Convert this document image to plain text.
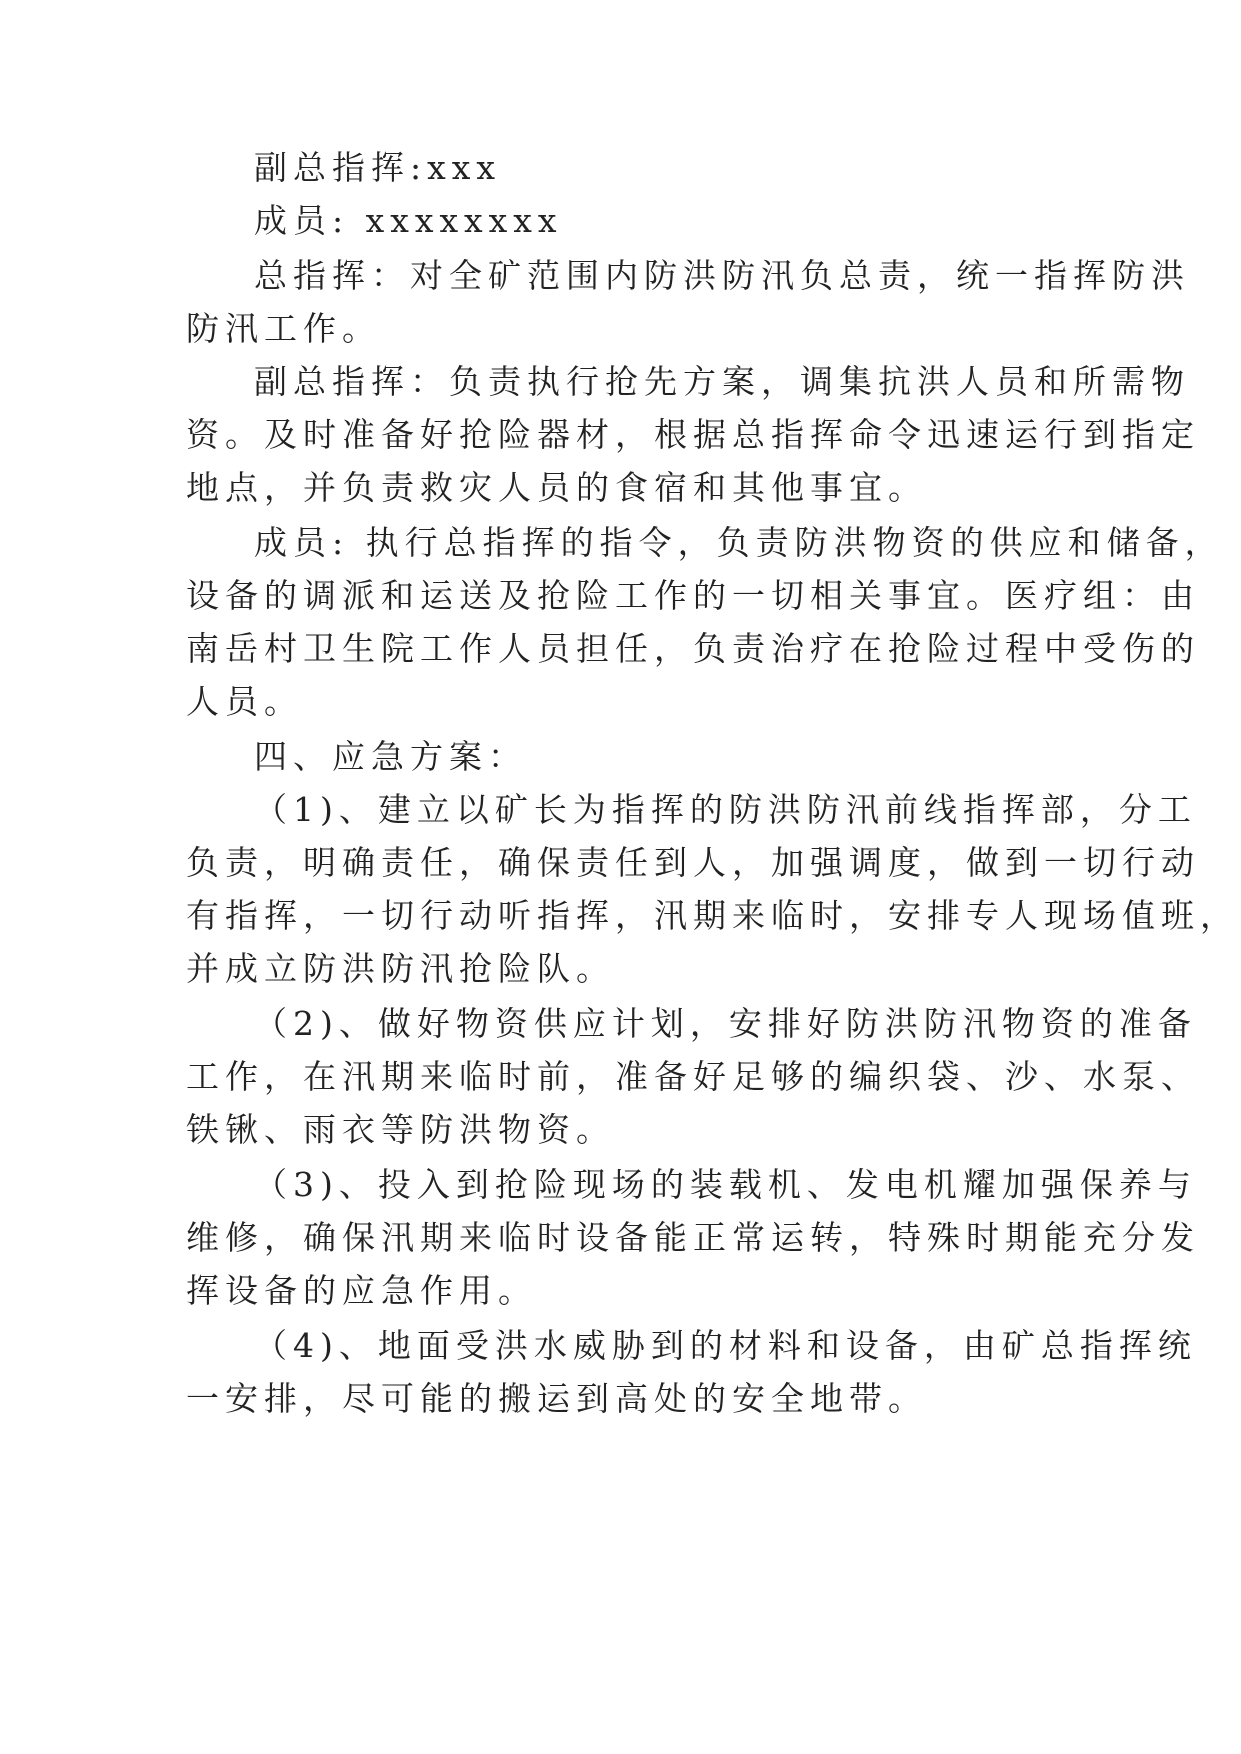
副总指挥:xxx
成员: xxxxxxxx
总指挥：对全矿范围内防洪防汛负总责，统一指挥防洪
防汛工作。
副总指挥：负责执行抢先方案，调集抗洪人员和所需物
资。及时准备好抢险器材，根据总指挥命令迅速运行到指定
地点，并负责救灾人员的食宿和其他事宜。
成员: 执行总指挥的指令，负责防洪物资的供应和储备，
设备的调派和运送及抢险工作的一切相关事宜。医疗组：由
南岳村卫生院工作人员担任，负责治疗在抢险过程中受伤的
人员。
四、应急方案：
（1)、建立以矿长为指挥的防洪防汛前线指挥部，分工
负责，明确责任，确保责任到人，加强调度，做到一切行动
有指挥，一切行动听指挥，汛期来临时，安排专人现场值班，
并成立防洪防汛抢险队。
（2)、做好物资供应计划，安排好防洪防汛物资的准备
工作，在汛期来临时前，准备好足够的编织袋、沙、水泵、
铁锹、雨衣等防洪物资。
（3)、投入到抢险现场的装载机、发电机耀加强保养与
维修，确保汛期来临时设备能正常运转，特殊时期能充分发
挥设备的应急作用。
（4)、地面受洪水威胁到的材料和设备，由矿总指挥统
一安排，尽可能的搬运到高处的安全地带。
